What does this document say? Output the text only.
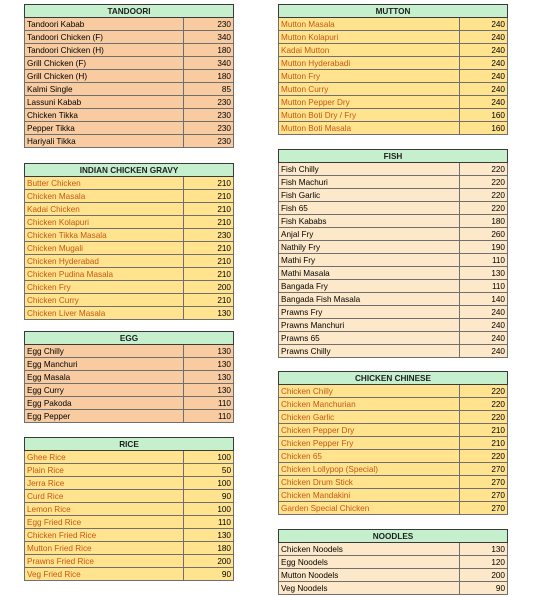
TANDOORI	
Tandoori Kabab	230
Tandoori Chicken (F)	340
Tandoori Chicken (H)	180
Grill Chicken (F)	340
Grill Chicken (H)	180
Kalmi Single	85
Lassuni Kabab	230
Chicken Tikka	230
Pepper Tikka	230
Hariyali Tikka	230
INDIAN CHICKEN GRAVY	
Butter Chicken	210
Chicken Masala	210
Kadai Chicken	210
Chicken Kolapuri	210
Chicken Tikka Masala	230
Chicken Mugali	210
Chicken Hyderabad	210
Chicken Pudina Masala	210
Chicken Fry	200
Chicken Curry	210
Chicken Liver Masala	130
EGG	
Egg Chilly	130
Egg Manchuri	130
Egg Masala	130
Egg Curry	130
Egg Pakoda	110
Egg Pepper	110
RICE	
Ghee Rice	100
Plain Rice	50
Jerra Rice	100
Curd Rice	90
Lemon Rice	100
Egg Fried Rice	110
Chicken Fried Rice	130
Mutton Fried Rice	180
Prawns Fried Rice	200
Veg Fried Rice	90
MUTTON	
Mutton Masala	240
Mutton Kolapuri	240
Kadai Mutton	240
Mutton Hyderabadi	240
Mutton Fry	240
Mutton Curry	240
Mutton Pepper Dry	240
Mutton Boti Dry / Fry	160
Mutton Boti Masala	160
FISH	
Fish Chilly	220
Fish Machuri	220
Fish Garlic	220
Fish 65	220
Fish Kababs	180
Anjal Fry	260
Nathily Fry	190
Mathi Fry	110
Mathi Masala	130
Bangada Fry	110
Bangada Fish Masala	140
Prawns Fry	240
Prawns Manchuri	240
Prawns 65	240
Prawns Chilly	240
CHICKEN CHINESE	
Chicken Chilly	220
Chicken Manchurian	220
Chicken Garlic	220
Chicken Pepper Dry	210
Chicken Pepper Fry	210
Chicken 65	220
Chicken Lollypop (Special)	270
Chicken Drum Stick	270
Chicken Mandakini	270
Garden Special Chicken	270
NOODLES	
Chicken Noodels	130
Egg Noodels	120
Mutton Noodels	200
Veg Noodels	90
